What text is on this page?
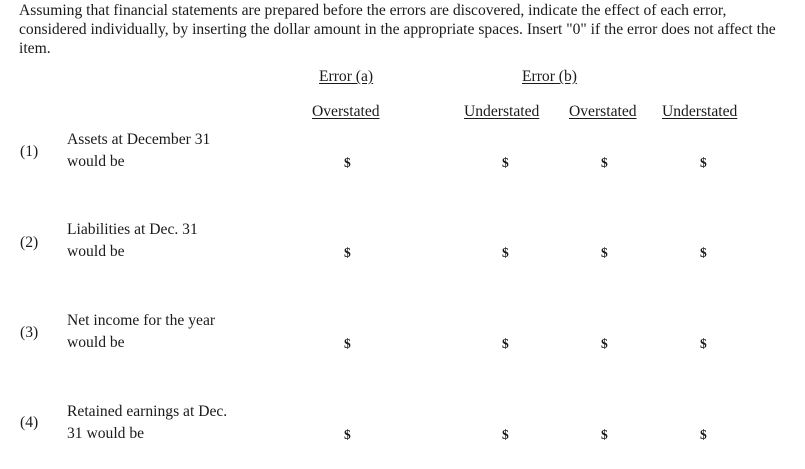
Assuming that financial statements are prepared before the errors are discovered, indicate the effect of each error, considered individually, by inserting the dollar amount in the appropriate spaces. Insert "0" if the error does not affect the item.

Error (a)	Error (b)
Overstated	Understated Overstated Understated
(1)
Assets at December 31
would be	$	$	$	$
(2)
Liabilities at Dec. 31
would be	$	$	$	$
(3)
Net income for the year
would be	$	$	$	$
(4)
Retained earnings at Dec.
31 would be	$	$	$	$
